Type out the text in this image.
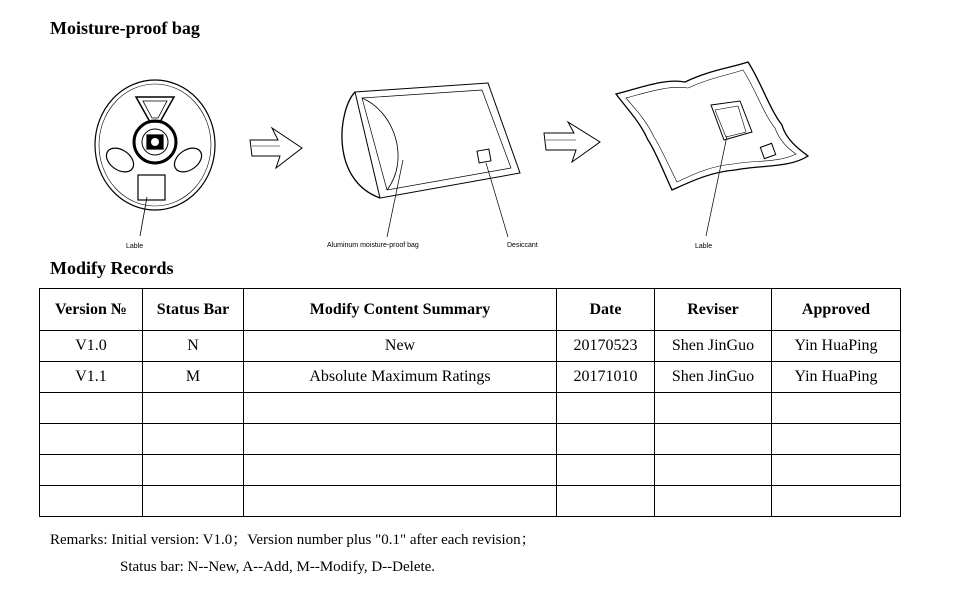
Moisture-proof bag
Lable	Aluminum moisture-proof bag	Desiccant	Lable
Modify Records
Version №	Status Bar	Modify Content Summary	Date	Reviser	Approved
V1.0	N	New	20170523	Shen JinGuo	Yin HuaPing
V1.1	M	Absolute Maximum Ratings	20171010	Shen JinGuo	Yin HuaPing

Remarks: Initial version: V1.0；Version number plus "0.1" after each revision；
Status bar: N--New, A--Add, M--Modify, D--Delete.
